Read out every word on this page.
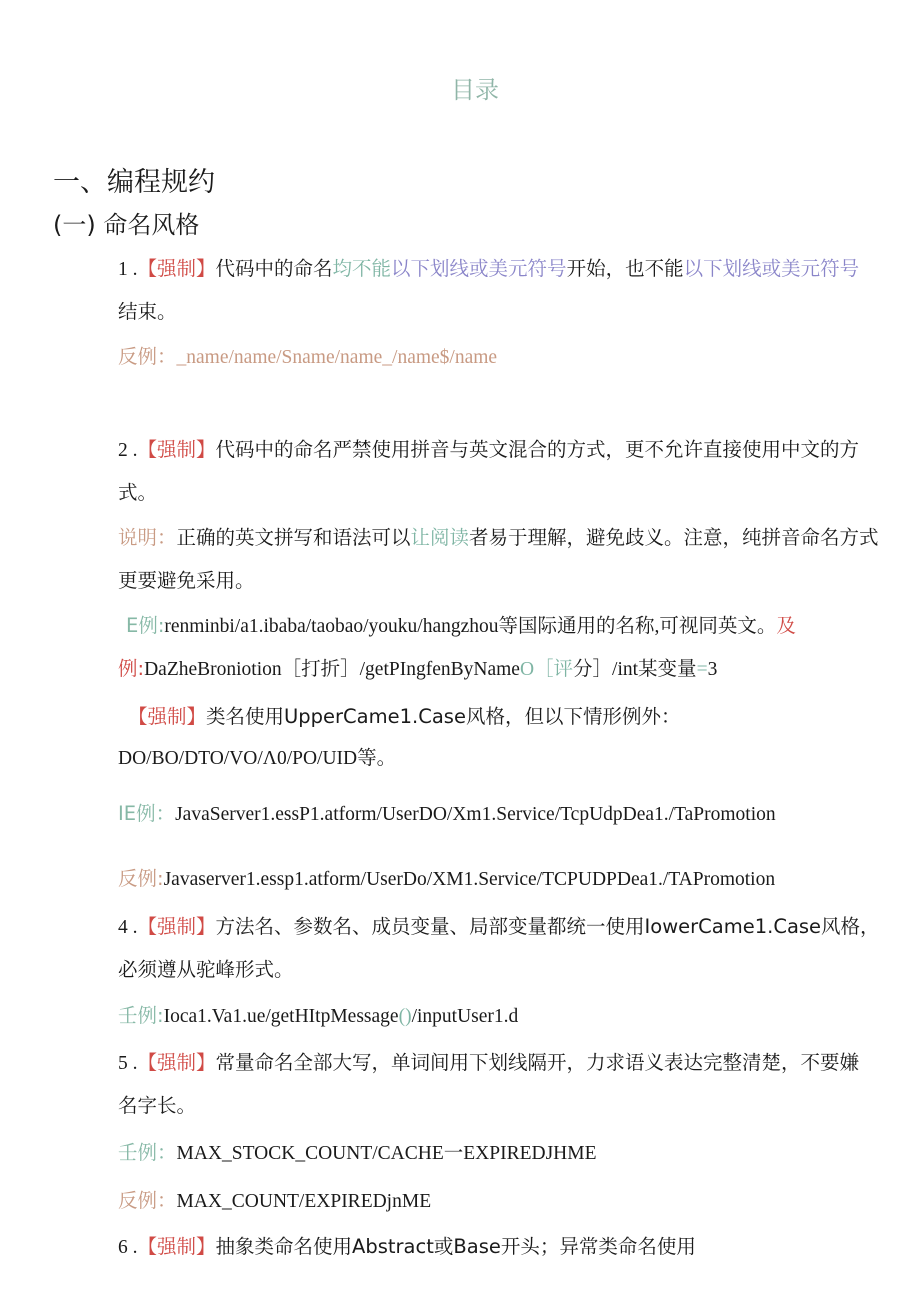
目录
一、编程规约
(一) 命名风格
1 .【强制】代码中的命名均不能以下划线或美元符号开始，也不能以下划线或美元符号
结束。
反例：_name/name/Sname/name_/name$/name
2 .【强制】代码中的命名严禁使用拼音与英文混合的方式，更不允许直接使用中文的方
式。
说明：正确的英文拼写和语法可以让阅读者易于理解，避免歧义。注意，纯拼音命名方式
更要避免采用。
E例:renminbi/a1.ibaba/taobao/youku/hangzhou等国际通用的名称,可视同英文。及
例:DaZheBroniotion［打折］/getPIngfenByNameO［评分］/int某变量=3
【强制】类名使用UpperCame1.Case风格，但以下情形例外：
DO/BO/DTO/VO/Λ0/PO/UID等。
IE例：JavaServer1.essP1.atform/UserDO/Xm1.Service/TcpUdpDea1./TaPromotion
反例:Javaserver1.essp1.atform/UserDo/XM1.Service/TCPUDPDea1./TAPromotion
4 .【强制】方法名、参数名、成员变量、局部变量都统一使用IowerCame1.Case风格，
必须遵从驼峰形式。
壬例:Ioca1.Va1.ue/getHItpMessage()/inputUser1.d
5 .【强制】常量命名全部大写，单词间用下划线隔开，力求语义表达完整清楚，不要嫌
名字长。
壬例：MAX_STOCK_COUNT/CACHE一EXPIREDJHME
反例：MAX_COUNT/EXPIREDjnME
6 .【强制】抽象类命名使用Abstract或Base开头；异常类命名使用
